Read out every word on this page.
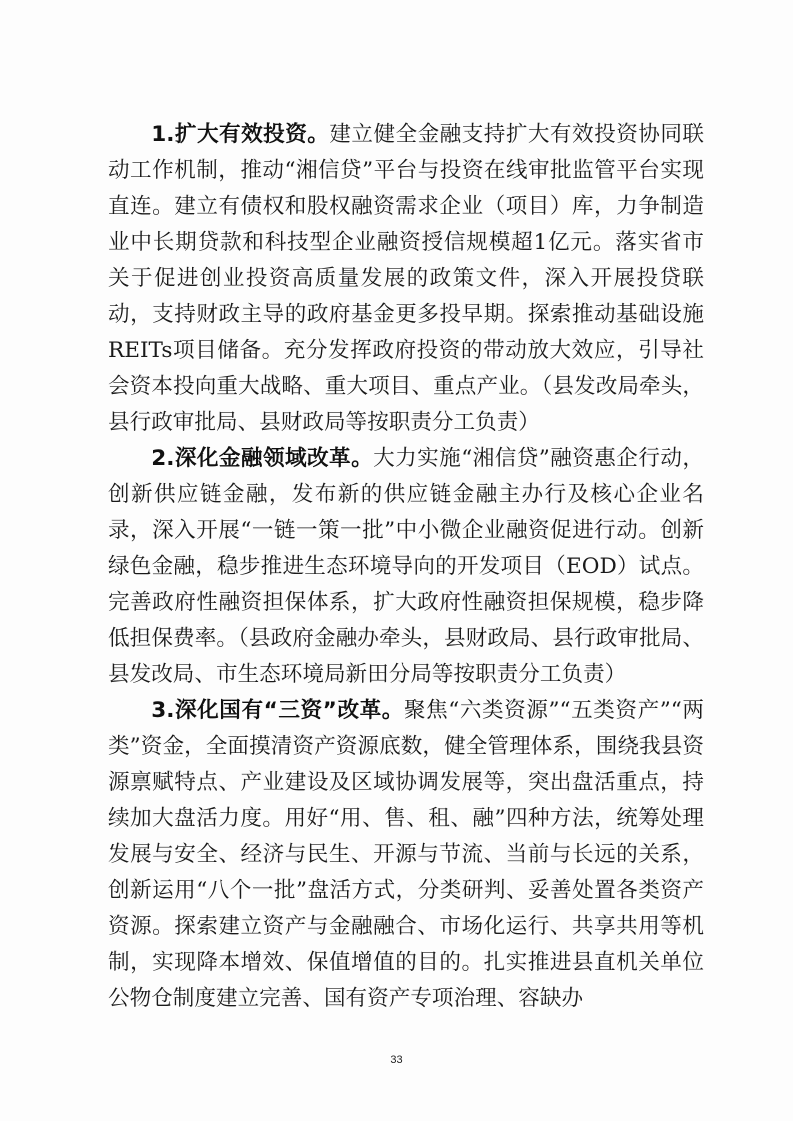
1.扩大有效投资。建立健全金融支持扩大有效投资协同联动工作机制，推动“湘信贷”平台与投资在线审批监管平台实现直连。建立有债权和股权融资需求企业（项目）库，力争制造业中长期贷款和科技型企业融资授信规模超1亿元。落实省市关于促进创业投资高质量发展的政策文件，深入开展投贷联动，支持财政主导的政府基金更多投早期。探索推动基础设施REITs项目储备。充分发挥政府投资的带动放大效应，引导社会资本投向重大战略、重大项目、重点产业。（县发改局牵头，县行政审批局、县财政局等按职责分工负责）

2.深化金融领域改革。大力实施“湘信贷”融资惠企行动，创新供应链金融，发布新的供应链金融主办行及核心企业名录，深入开展“一链一策一批”中小微企业融资促进行动。创新绿色金融，稳步推进生态环境导向的开发项目（EOD）试点。完善政府性融资担保体系，扩大政府性融资担保规模，稳步降低担保费率。（县政府金融办牵头，县财政局、县行政审批局、县发改局、市生态环境局新田分局等按职责分工负责）

3.深化国有“三资”改革。聚焦“六类资源”“五类资产”“两类”资金，全面摸清资产资源底数，健全管理体系，围绕我县资源禀赋特点、产业建设及区域协调发展等，突出盘活重点，持续加大盘活力度。用好“用、售、租、融”四种方法，统筹处理发展与安全、经济与民生、开源与节流、当前与长远的关系，创新运用“八个一批”盘活方式，分类研判、妥善处置各类资产资源。探索建立资产与金融融合、市场化运行、共享共用等机制，实现降本增效、保值增值的目的。扎实推进县直机关单位公物仓制度建立完善、国有资产专项治理、容缺办

33
